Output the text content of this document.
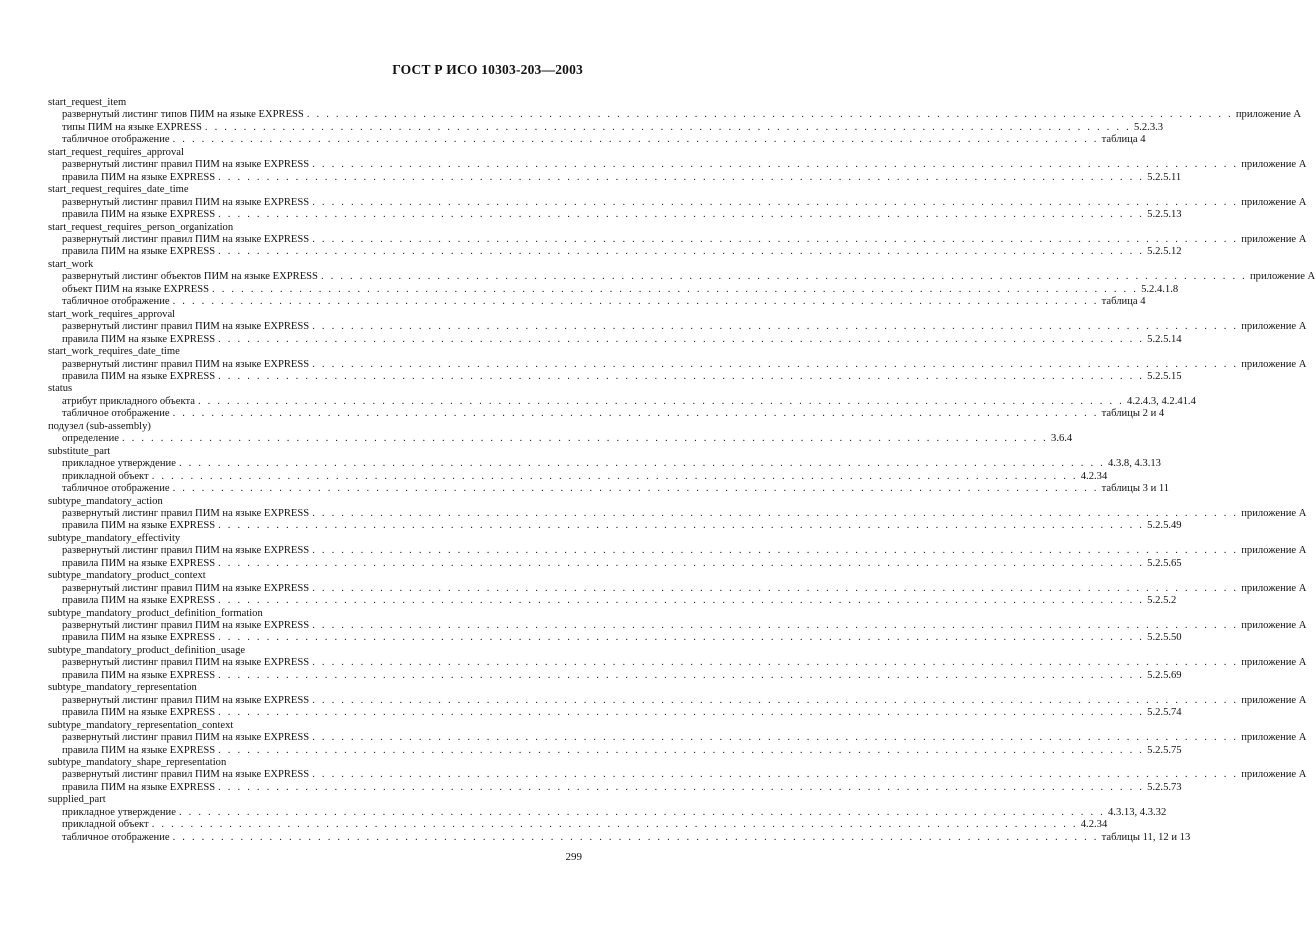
ГОСТ Р ИСО 10303-203—2003
start_request_item
развернутый листинг типов ПИМ на языке EXPRESS . . . . . . . . . . . . . . . . . . . . . . . . . . . . . . . . . . . . . . . . . . . . . . . . . . . . . . . . . . . . . . . . . . . . . . . . . . . . . . . . . . . . . . . . . . . . . . . . приложение А
типы ПИМ на языке EXPRESS . . . . . . . . . . . . . . . . . . . . . . . . . . . . . . . . . . . . . . . . . . . . . . . . . . . . . . . . . . . . . . . . . . . . . . . . . . . . . . . . . . . . . . . . . . . . . . . . 5.2.3.3
табличное отображение . . . . . . . . . . . . . . . . . . . . . . . . . . . . . . . . . . . . . . . . . . . . . . . . . . . . . . . . . . . . . . . . . . . . . . . . . . . . . . . . . . . . . . . . . . . . . . . . таблица 4
start_request_requires_approval
развернутый листинг правил ПИМ на языке EXPRESS . . . . . . . . . . . . . . . . . . . . . . . . . . . . . . . . . . . . . . . . . . . . . . . . . . . . . . . . . . . . . . . . . . . . . . . . . . . . . . . . . . . . . . . . . . . . . . . . приложение А
правила ПИМ на языке EXPRESS . . . . . . . . . . . . . . . . . . . . . . . . . . . . . . . . . . . . . . . . . . . . . . . . . . . . . . . . . . . . . . . . . . . . . . . . . . . . . . . . . . . . . . . . . . . . . . . . 5.2.5.11
start_request_requires_date_time
развернутый листинг правил ПИМ на языке EXPRESS . . . . . . . . . . . . . . . . . . . . . . . . . . . . . . . . . . . . . . . . . . . . . . . . . . . . . . . . . . . . . . . . . . . . . . . . . . . . . . . . . . . . . . . . . . . . . . . . приложение А
правила ПИМ на языке EXPRESS . . . . . . . . . . . . . . . . . . . . . . . . . . . . . . . . . . . . . . . . . . . . . . . . . . . . . . . . . . . . . . . . . . . . . . . . . . . . . . . . . . . . . . . . . . . . . . . . 5.2.5.13
start_request_requires_person_organization
развернутый листинг правил ПИМ на языке EXPRESS . . . . . . . . . . . . . . . . . . . . . . . . . . . . . . . . . . . . . . . . . . . . . . . . . . . . . . . . . . . . . . . . . . . . . . . . . . . . . . . . . . . . . . . . . . . . . . . . приложение А
правила ПИМ на языке EXPRESS . . . . . . . . . . . . . . . . . . . . . . . . . . . . . . . . . . . . . . . . . . . . . . . . . . . . . . . . . . . . . . . . . . . . . . . . . . . . . . . . . . . . . . . . . . . . . . . . 5.2.5.12
start_work
развернутый листинг объектов ПИМ на языке EXPRESS . . . . . . . . . . . . . . . . . . . . . . . . . . . . . . . . . . . . . . . . . . . . . . . . . . . . . . . . . . . . . . . . . . . . . . . . . . . . . . . . . . . . . . . . . . . . . . . . приложение А
объект ПИМ на языке EXPRESS . . . . . . . . . . . . . . . . . . . . . . . . . . . . . . . . . . . . . . . . . . . . . . . . . . . . . . . . . . . . . . . . . . . . . . . . . . . . . . . . . . . . . . . . . . . . . . . . 5.2.4.1.8
табличное отображение . . . . . . . . . . . . . . . . . . . . . . . . . . . . . . . . . . . . . . . . . . . . . . . . . . . . . . . . . . . . . . . . . . . . . . . . . . . . . . . . . . . . . . . . . . . . . . . . таблица 4
start_work_requires_approval
развернутый листинг правил ПИМ на языке EXPRESS . . . . . . . . . . . . . . . . . . . . . . . . . . . . . . . . . . . . . . . . . . . . . . . . . . . . . . . . . . . . . . . . . . . . . . . . . . . . . . . . . . . . . . . . . . . . . . . . приложение А
правила ПИМ на языке EXPRESS . . . . . . . . . . . . . . . . . . . . . . . . . . . . . . . . . . . . . . . . . . . . . . . . . . . . . . . . . . . . . . . . . . . . . . . . . . . . . . . . . . . . . . . . . . . . . . . . 5.2.5.14
start_work_requires_date_time
развернутый листинг правил ПИМ на языке EXPRESS . . . . . . . . . . . . . . . . . . . . . . . . . . . . . . . . . . . . . . . . . . . . . . . . . . . . . . . . . . . . . . . . . . . . . . . . . . . . . . . . . . . . . . . . . . . . . . . . приложение А
правила ПИМ на языке EXPRESS . . . . . . . . . . . . . . . . . . . . . . . . . . . . . . . . . . . . . . . . . . . . . . . . . . . . . . . . . . . . . . . . . . . . . . . . . . . . . . . . . . . . . . . . . . . . . . . . 5.2.5.15
status
атрибут прикладного объекта . . . . . . . . . . . . . . . . . . . . . . . . . . . . . . . . . . . . . . . . . . . . . . . . . . . . . . . . . . . . . . . . . . . . . . . . . . . . . . . . . . . . . . . . . . . . . . . . 4.2.4.3, 4.2.41.4
табличное отображение . . . . . . . . . . . . . . . . . . . . . . . . . . . . . . . . . . . . . . . . . . . . . . . . . . . . . . . . . . . . . . . . . . . . . . . . . . . . . . . . . . . . . . . . . . . . . . . . таблицы 2 и 4
подузел (sub-assembly)
определение . . . . . . . . . . . . . . . . . . . . . . . . . . . . . . . . . . . . . . . . . . . . . . . . . . . . . . . . . . . . . . . . . . . . . . . . . . . . . . . . . . . . . . . . . . . . . . . . 3.6.4
substitute_part
прикладное утверждение . . . . . . . . . . . . . . . . . . . . . . . . . . . . . . . . . . . . . . . . . . . . . . . . . . . . . . . . . . . . . . . . . . . . . . . . . . . . . . . . . . . . . . . . . . . . . . . . 4.3.8, 4.3.13
прикладной объект . . . . . . . . . . . . . . . . . . . . . . . . . . . . . . . . . . . . . . . . . . . . . . . . . . . . . . . . . . . . . . . . . . . . . . . . . . . . . . . . . . . . . . . . . . . . . . . . 4.2.34
табличное отображение . . . . . . . . . . . . . . . . . . . . . . . . . . . . . . . . . . . . . . . . . . . . . . . . . . . . . . . . . . . . . . . . . . . . . . . . . . . . . . . . . . . . . . . . . . . . . . . . таблицы 3 и 11
subtype_mandatory_action
развернутый листинг правил ПИМ на языке EXPRESS . . . . . . . . . . . . . . . . . . . . . . . . . . . . . . . . . . . . . . . . . . . . . . . . . . . . . . . . . . . . . . . . . . . . . . . . . . . . . . . . . . . . . . . . . . . . . . . . приложение А
правила ПИМ на языке EXPRESS . . . . . . . . . . . . . . . . . . . . . . . . . . . . . . . . . . . . . . . . . . . . . . . . . . . . . . . . . . . . . . . . . . . . . . . . . . . . . . . . . . . . . . . . . . . . . . . . 5.2.5.49
subtype_mandatory_effectivity
развернутый листинг правил ПИМ на языке EXPRESS . . . . . . . . . . . . . . . . . . . . . . . . . . . . . . . . . . . . . . . . . . . . . . . . . . . . . . . . . . . . . . . . . . . . . . . . . . . . . . . . . . . . . . . . . . . . . . . . приложение А
правила ПИМ на языке EXPRESS . . . . . . . . . . . . . . . . . . . . . . . . . . . . . . . . . . . . . . . . . . . . . . . . . . . . . . . . . . . . . . . . . . . . . . . . . . . . . . . . . . . . . . . . . . . . . . . . 5.2.5.65
subtype_mandatory_product_context
развернутый листинг правил ПИМ на языке EXPRESS . . . . . . . . . . . . . . . . . . . . . . . . . . . . . . . . . . . . . . . . . . . . . . . . . . . . . . . . . . . . . . . . . . . . . . . . . . . . . . . . . . . . . . . . . . . . . . . . приложение А
правила ПИМ на языке EXPRESS . . . . . . . . . . . . . . . . . . . . . . . . . . . . . . . . . . . . . . . . . . . . . . . . . . . . . . . . . . . . . . . . . . . . . . . . . . . . . . . . . . . . . . . . . . . . . . . . 5.2.5.2
subtype_mandatory_product_definition_formation
развернутый листинг правил ПИМ на языке EXPRESS . . . . . . . . . . . . . . . . . . . . . . . . . . . . . . . . . . . . . . . . . . . . . . . . . . . . . . . . . . . . . . . . . . . . . . . . . . . . . . . . . . . . . . . . . . . . . . . . приложение А
правила ПИМ на языке EXPRESS . . . . . . . . . . . . . . . . . . . . . . . . . . . . . . . . . . . . . . . . . . . . . . . . . . . . . . . . . . . . . . . . . . . . . . . . . . . . . . . . . . . . . . . . . . . . . . . . 5.2.5.50
subtype_mandatory_product_definition_usage
развернутый листинг правил ПИМ на языке EXPRESS . . . . . . . . . . . . . . . . . . . . . . . . . . . . . . . . . . . . . . . . . . . . . . . . . . . . . . . . . . . . . . . . . . . . . . . . . . . . . . . . . . . . . . . . . . . . . . . . приложение А
правила ПИМ на языке EXPRESS . . . . . . . . . . . . . . . . . . . . . . . . . . . . . . . . . . . . . . . . . . . . . . . . . . . . . . . . . . . . . . . . . . . . . . . . . . . . . . . . . . . . . . . . . . . . . . . . 5.2.5.69
subtype_mandatory_representation
развернутый листинг правил ПИМ на языке EXPRESS . . . . . . . . . . . . . . . . . . . . . . . . . . . . . . . . . . . . . . . . . . . . . . . . . . . . . . . . . . . . . . . . . . . . . . . . . . . . . . . . . . . . . . . . . . . . . . . . приложение А
правила ПИМ на языке EXPRESS . . . . . . . . . . . . . . . . . . . . . . . . . . . . . . . . . . . . . . . . . . . . . . . . . . . . . . . . . . . . . . . . . . . . . . . . . . . . . . . . . . . . . . . . . . . . . . . . 5.2.5.74
subtype_mandatory_representation_context
развернутый листинг правил ПИМ на языке EXPRESS . . . . . . . . . . . . . . . . . . . . . . . . . . . . . . . . . . . . . . . . . . . . . . . . . . . . . . . . . . . . . . . . . . . . . . . . . . . . . . . . . . . . . . . . . . . . . . . . приложение А
правила ПИМ на языке EXPRESS . . . . . . . . . . . . . . . . . . . . . . . . . . . . . . . . . . . . . . . . . . . . . . . . . . . . . . . . . . . . . . . . . . . . . . . . . . . . . . . . . . . . . . . . . . . . . . . . 5.2.5.75
subtype_mandatory_shape_representation
развернутый листинг правил ПИМ на языке EXPRESS . . . . . . . . . . . . . . . . . . . . . . . . . . . . . . . . . . . . . . . . . . . . . . . . . . . . . . . . . . . . . . . . . . . . . . . . . . . . . . . . . . . . . . . . . . . . . . . . приложение А
правила ПИМ на языке EXPRESS . . . . . . . . . . . . . . . . . . . . . . . . . . . . . . . . . . . . . . . . . . . . . . . . . . . . . . . . . . . . . . . . . . . . . . . . . . . . . . . . . . . . . . . . . . . . . . . . 5.2.5.73
supplied_part
прикладное утверждение . . . . . . . . . . . . . . . . . . . . . . . . . . . . . . . . . . . . . . . . . . . . . . . . . . . . . . . . . . . . . . . . . . . . . . . . . . . . . . . . . . . . . . . . . . . . . . . . 4.3.13, 4.3.32
прикладной объект . . . . . . . . . . . . . . . . . . . . . . . . . . . . . . . . . . . . . . . . . . . . . . . . . . . . . . . . . . . . . . . . . . . . . . . . . . . . . . . . . . . . . . . . . . . . . . . . 4.2.34
табличное отображение . . . . . . . . . . . . . . . . . . . . . . . . . . . . . . . . . . . . . . . . . . . . . . . . . . . . . . . . . . . . . . . . . . . . . . . . . . . . . . . . . . . . . . . . . . . . . . . . таблицы 11, 12 и 13
299
